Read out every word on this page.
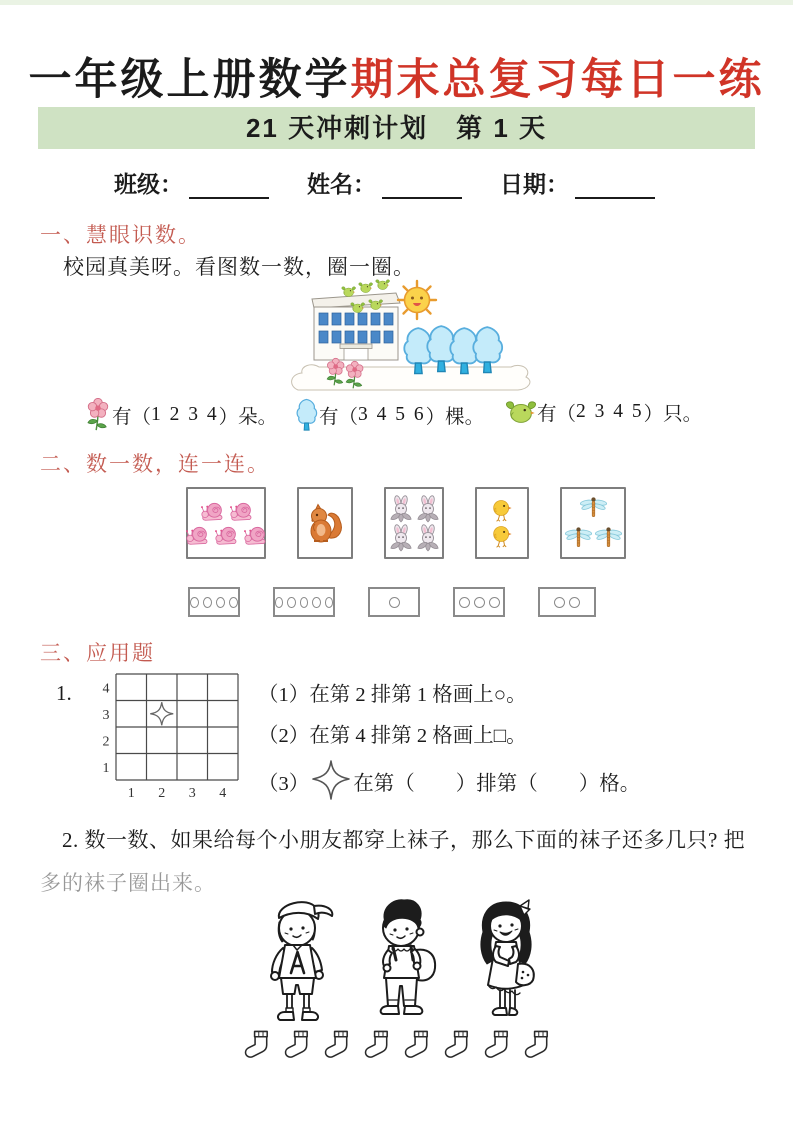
一年级上册数学期末总复习每日一练
21 天冲刺计划　第 1 天
班级：	姓名：	日期：
一、慧眼识数。
校园真美呀。看图数一数，圈一圈。
有（ 1 2 3 4 ）朵。 有（ 3 4 5 6 ）棵。	有（ 2 3 4 5 ）只。
二、数一数，连一连。
三、应用题
1. 4
3
2
1
1 2 3 4
（1）在第 2 排第 1 格画上○。
（2）在第 4 排第 2 格画上□。
（3） 在第（　　）排第（　　）格。
2. 数一数、如果给每个小朋友都穿上袜子，那么下面的袜子还多几只? 把
多的袜子圈出来。
